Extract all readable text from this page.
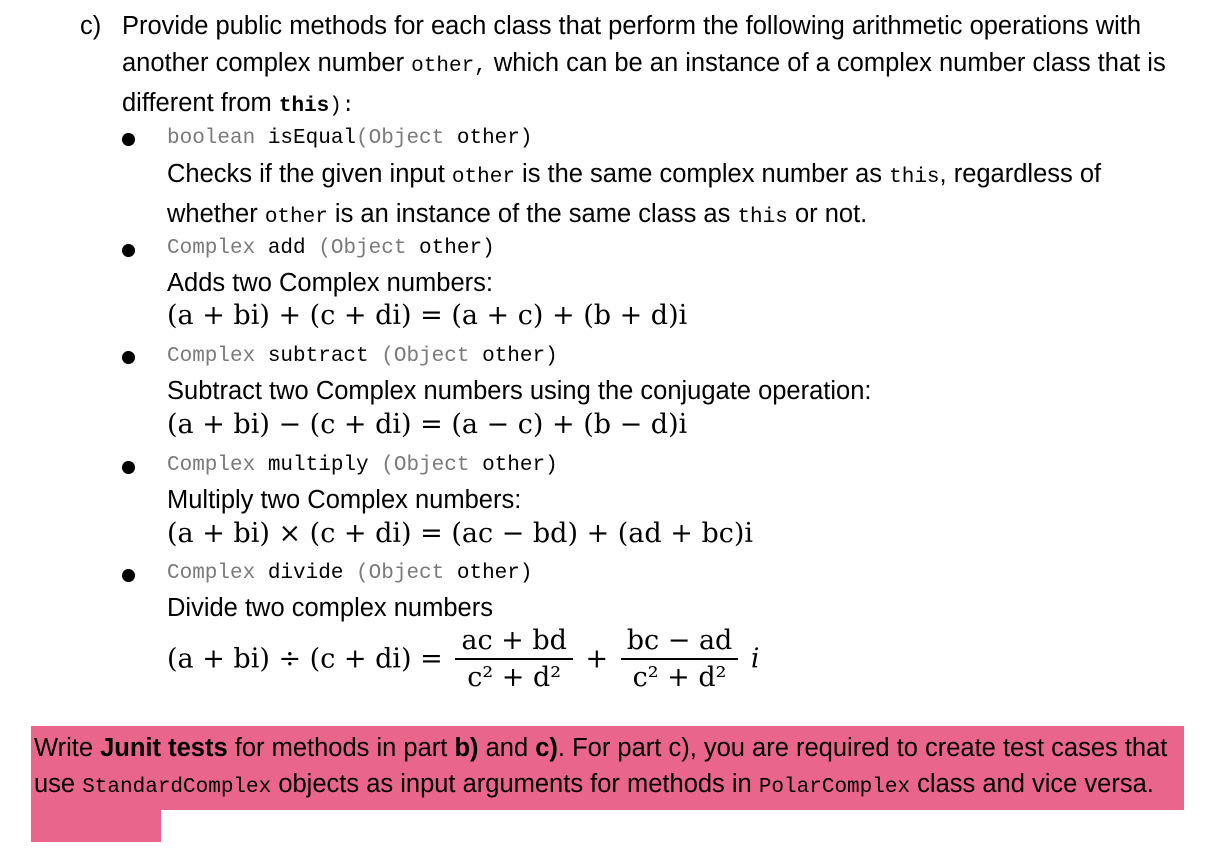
c) Provide public methods for each class that perform the following arithmetic operations with another complex number other, which can be an instance of a complex number class that is different from this):
boolean isEqual(Object other)
Checks if the given input other is the same complex number as this, regardless of whether other is an instance of the same class as this or not.
Complex add (Object other)
Adds two Complex numbers:
(a + bi) + (c + di) = (a + c) + (b + d)i
Complex subtract (Object other)
Subtract two Complex numbers using the conjugate operation:
(a + bi) − (c + di) = (a − c) + (b − d)i
Complex multiply (Object other)
Multiply two Complex numbers:
(a + bi) × (c + di) = (ac − bd) + (ad + bc)i
Complex divide (Object other)
Divide two complex numbers
$(a + bi) \div (c + di) = \frac{ac + bd}{\text{c² + d²}} + \frac{bc - ad}{\text{c² + d²}}$ i
Write Junit tests for methods in part b) and c). For part c), you are required to create test cases that use StandardComplex objects as input arguments for methods in PolarComplex class and vice versa.
